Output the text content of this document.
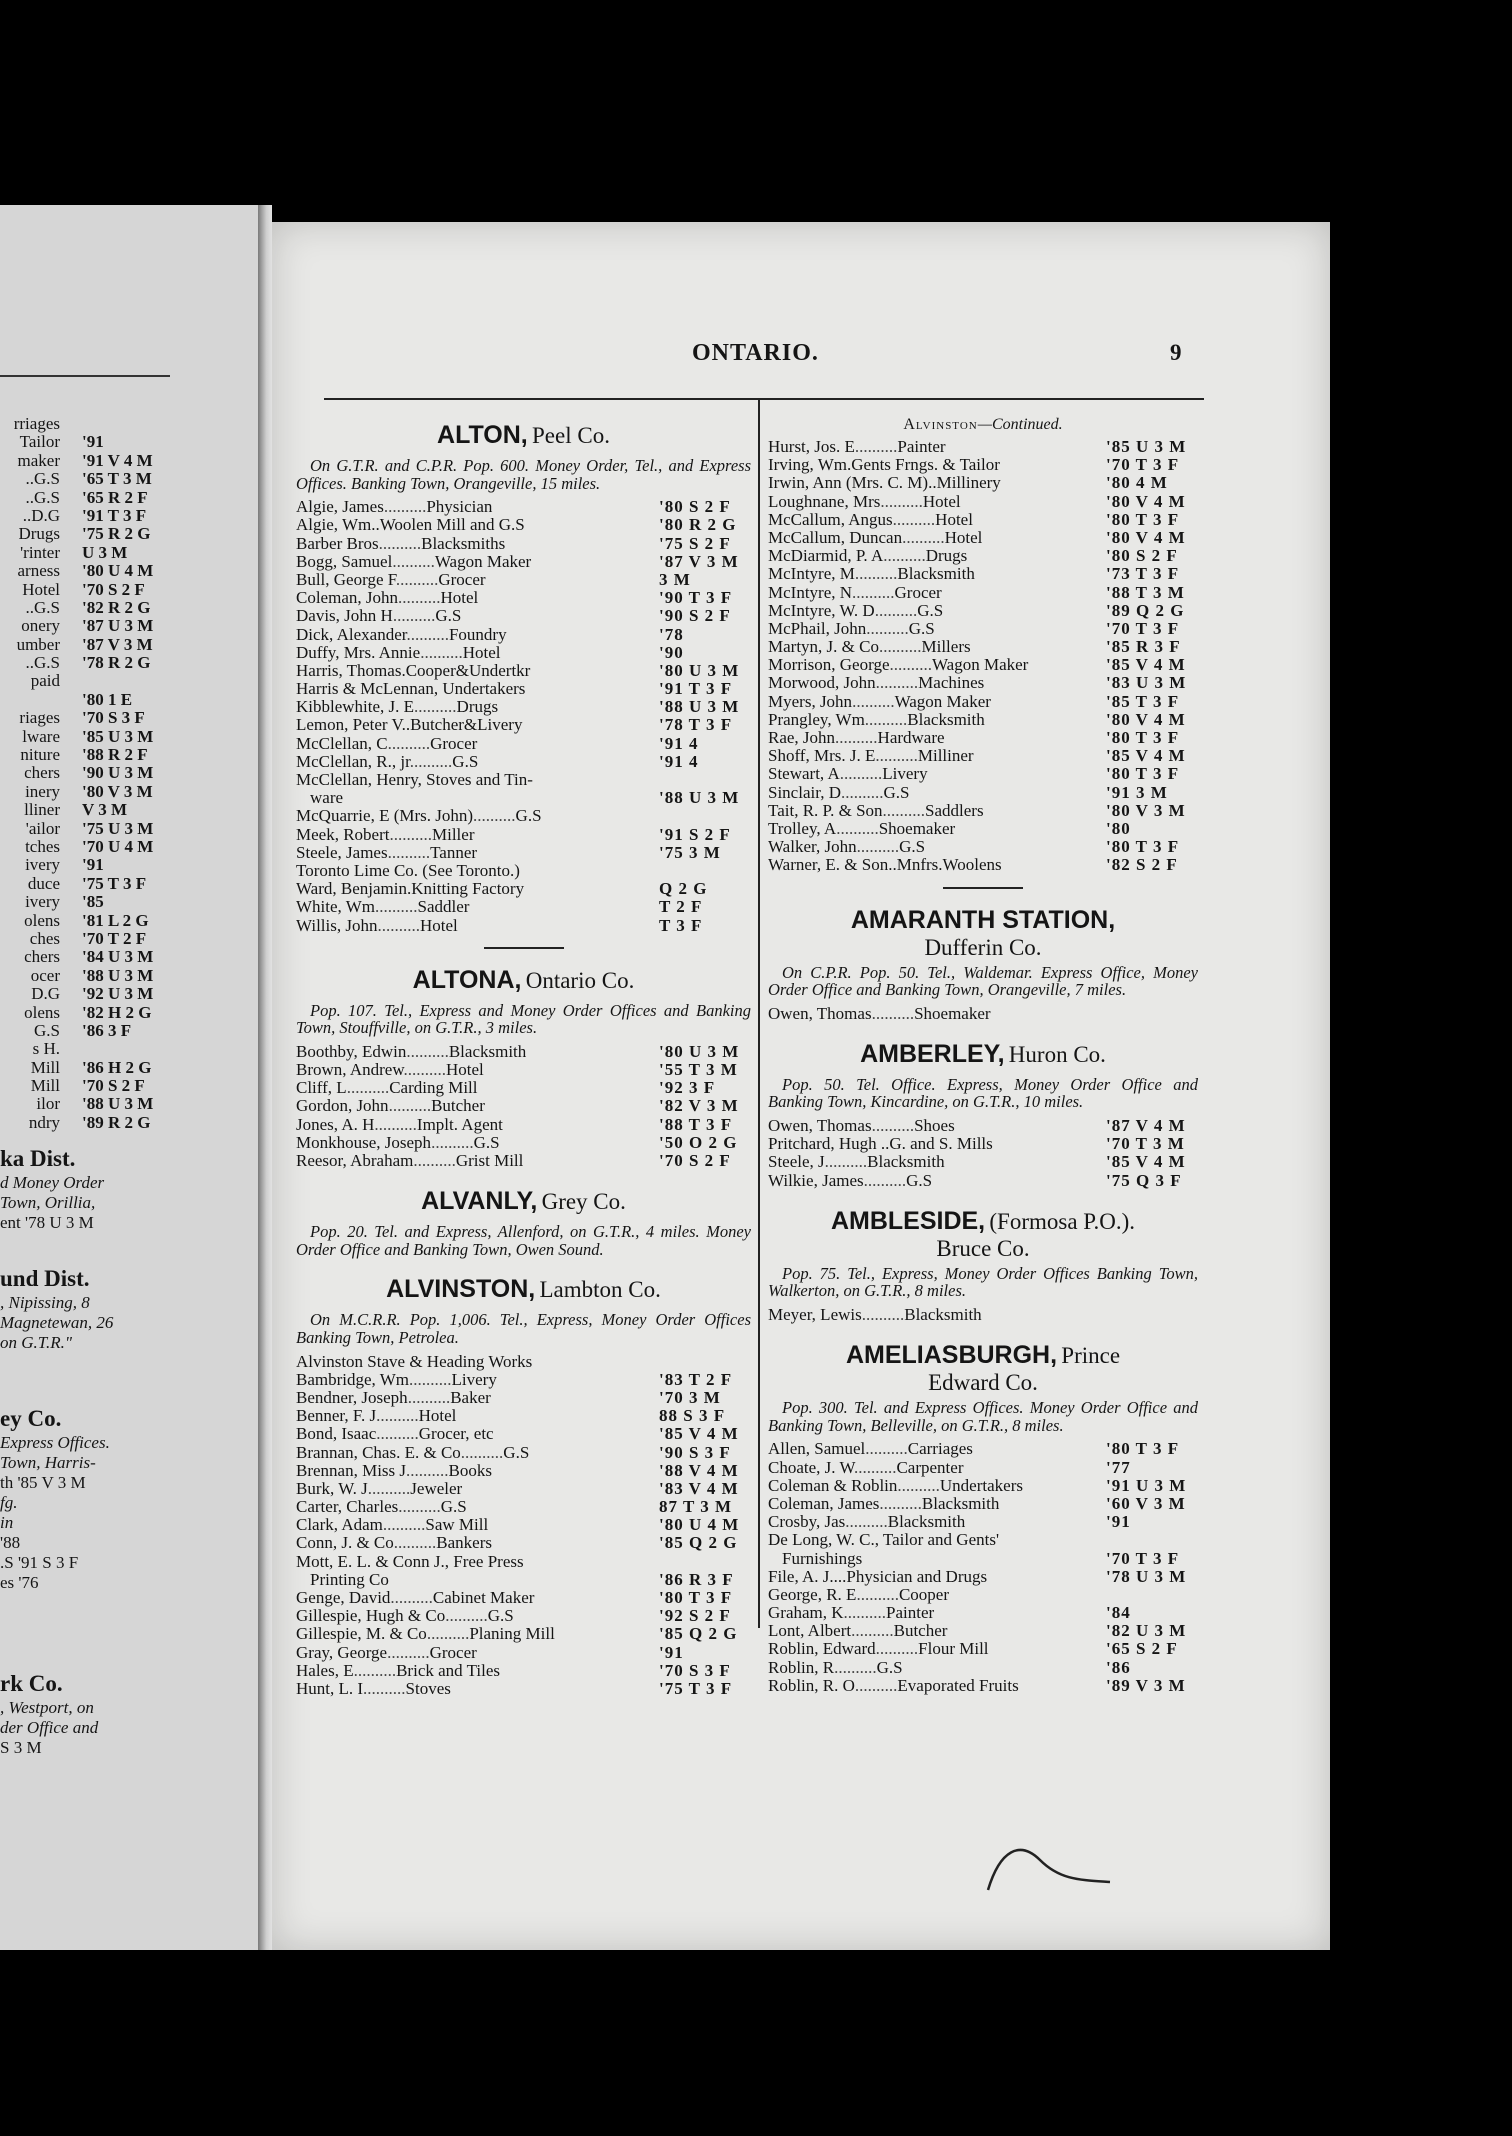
rriages
Tailor '91
maker '91 V 4 M
..G.S '65 T 3 M
..G.S '65 R 2 F
..D.G '91 T 3 F
Drugs '75 R 2 G
'rinter U 3 M
arness '80 U 4 M
Hotel '70 S 2 F
..G.S '82 R 2 G
onery '87 U 3 M
umber '87 V 3 M
..G.S '78 R 2 G
paid
'80 1 E
riages '70 S 3 F
lware '85 U 3 M
niture '88 R 2 F
chers '90 U 3 M
inery '80 V 3 M
lliner V 3 M
'ailor '75 U 3 M
tches '70 U 4 M
ivery '91
duce '75 T 3 F
ivery '85
olens '81 L 2 G
ches '70 T 2 F
chers '84 U 3 M
ocer '88 U 3 M
D.G '92 U 3 M
olens '82 H 2 G
G.S '86 3 F
s H.
Mill '86 H 2 G
Mill '70 S 2 F
ilor '88 U 3 M
ndry '89 R 2 G
ka Dist.
d Money Order
Town, Orillia,
ent '78 U 3 M
und Dist.
, Nipissing, 8
Magnetewan, 26
on G.T.R."
ey Co.
Express Offices.
Town, Harris-
th '85 V 3 M
fg.
in
'88
.S '91 S 3 F
es '76
rk Co.
, Westport, on
der Office and
S 3 M
ONTARIO.	9
ALTON, Peel Co.
On G.T.R. and C.P.R. Pop. 600. Money Order, Tel., and Express Offices. Banking Town, Orangeville, 15 miles.
Algie, James..........Physician	'80 S 2 F
Algie, Wm..Woolen Mill and G.S	'80 R 2 G
Barber Bros..........Blacksmiths	'75 S 2 F
Bogg, Samuel..........Wagon Maker	'87 V 3 M
Bull, George F..........Grocer	3 M
Coleman, John..........Hotel	'90 T 3 F
Davis, John H..........G.S	'90 S 2 F
Dick, Alexander..........Foundry	'78
Duffy, Mrs. Annie..........Hotel	'90
Harris, Thomas.Cooper&Undertkr	'80 U 3 M
Harris & McLennan, Undertakers	'91 T 3 F
Kibblewhite, J. E..........Drugs	'88 U 3 M
Lemon, Peter V..Butcher&Livery	'78 T 3 F
McClellan, C..........Grocer	'91 4
McClellan, R., jr..........G.S	'91 4
McClellan, Henry, Stoves and Tin-
ware	'88 U 3 M
McQuarrie, E (Mrs. John)..........G.S
Meek, Robert..........Miller	'91 S 2 F
Steele, James..........Tanner	'75 3 M
Toronto Lime Co. (See Toronto.)
Ward, Benjamin.Knitting Factory	Q 2 G
White, Wm..........Saddler	T 2 F
Willis, John..........Hotel	T 3 F
ALTONA, Ontario Co.
Pop. 107. Tel., Express and Money Order Offices and Banking Town, Stouffville, on G.T.R., 3 miles.
Boothby, Edwin..........Blacksmith	'80 U 3 M
Brown, Andrew..........Hotel	'55 T 3 M
Cliff, L..........Carding Mill	'92 3 F
Gordon, John..........Butcher	'82 V 3 M
Jones, A. H..........Implt. Agent	'88 T 3 F
Monkhouse, Joseph..........G.S	'50 O 2 G
Reesor, Abraham..........Grist Mill	'70 S 2 F
ALVANLY, Grey Co.
Pop. 20. Tel. and Express, Allenford, on G.T.R., 4 miles. Money Order Office and Banking Town, Owen Sound.
ALVINSTON, Lambton Co.
On M.C.R.R. Pop. 1,006. Tel., Express, Money Order Offices Banking Town, Petrolea.
Alvinston Stave & Heading Works
Bambridge, Wm..........Livery	'83 T 2 F
Bendner, Joseph..........Baker	'70 3 M
Benner, F. J..........Hotel	88 S 3 F
Bond, Isaac..........Grocer, etc	'85 V 4 M
Brannan, Chas. E. & Co..........G.S	'90 S 3 F
Brennan, Miss J..........Books	'88 V 4 M
Burk, W. J..........Jeweler	'83 V 4 M
Carter, Charles..........G.S	87 T 3 M
Clark, Adam..........Saw Mill	'80 U 4 M
Conn, J. & Co..........Bankers	'85 Q 2 G
Mott, E. L. & Conn J., Free Press
Printing Co	'86 R 3 F
Genge, David..........Cabinet Maker	'80 T 3 F
Gillespie, Hugh & Co..........G.S	'92 S 2 F
Gillespie, M. & Co..........Planing Mill	'85 Q 2 G
Gray, George..........Grocer	'91
Hales, E..........Brick and Tiles	'70 S 3 F
Hunt, L. I..........Stoves	'75 T 3 F
Alvinston—Continued.
Hurst, Jos. E..........Painter	'85 U 3 M
Irving, Wm.Gents Frngs. & Tailor	'70 T 3 F
Irwin, Ann (Mrs. C. M)..Millinery	'80 4 M
Loughnane, Mrs..........Hotel	'80 V 4 M
McCallum, Angus..........Hotel	'80 T 3 F
McCallum, Duncan..........Hotel	'80 V 4 M
McDiarmid, P. A..........Drugs	'80 S 2 F
McIntyre, M..........Blacksmith	'73 T 3 F
McIntyre, N..........Grocer	'88 T 3 M
McIntyre, W. D..........G.S	'89 Q 2 G
McPhail, John..........G.S	'70 T 3 F
Martyn, J. & Co..........Millers	'85 R 3 F
Morrison, George..........Wagon Maker	'85 V 4 M
Morwood, John..........Machines	'83 U 3 M
Myers, John..........Wagon Maker	'85 T 3 F
Prangley, Wm..........Blacksmith	'80 V 4 M
Rae, John..........Hardware	'80 T 3 F
Shoff, Mrs. J. E..........Milliner	'85 V 4 M
Stewart, A..........Livery	'80 T 3 F
Sinclair, D..........G.S	'91 3 M
Tait, R. P. & Son..........Saddlers	'80 V 3 M
Trolley, A..........Shoemaker	'80
Walker, John..........G.S	'80 T 3 F
Warner, E. & Son..Mnfrs.Woolens	'82 S 2 F
AMARANTH STATION,
Dufferin Co.
On C.P.R. Pop. 50. Tel., Waldemar. Express Office, Money Order Office and Banking Town, Orangeville, 7 miles.
Owen, Thomas..........Shoemaker
AMBERLEY, Huron Co.
Pop. 50. Tel. Office. Express, Money Order Office and Banking Town, Kincardine, on G.T.R., 10 miles.
Owen, Thomas..........Shoes	'87 V 4 M
Pritchard, Hugh ..G. and S. Mills	'70 T 3 M
Steele, J..........Blacksmith	'85 V 4 M
Wilkie, James..........G.S	'75 Q 3 F
AMBLESIDE, (Formosa P.O.).
Bruce Co.
Pop. 75. Tel., Express, Money Order Offices Banking Town, Walkerton, on G.T.R., 8 miles.
Meyer, Lewis..........Blacksmith
AMELIASBURGH, Prince
Edward Co.
Pop. 300. Tel. and Express Offices. Money Order Office and Banking Town, Belleville, on G.T.R., 8 miles.
Allen, Samuel..........Carriages	'80 T 3 F
Choate, J. W..........Carpenter	'77
Coleman & Roblin..........Undertakers	'91 U 3 M
Coleman, James..........Blacksmith	'60 V 3 M
Crosby, Jas..........Blacksmith	'91
De Long, W. C., Tailor and Gents'
Furnishings	'70 T 3 F
File, A. J....Physician and Drugs	'78 U 3 M
George, R. E..........Cooper
Graham, K..........Painter	'84
Lont, Albert..........Butcher	'82 U 3 M
Roblin, Edward..........Flour Mill	'65 S 2 F
Roblin, R..........G.S	'86
Roblin, R. O..........Evaporated Fruits	'89 V 3 M
